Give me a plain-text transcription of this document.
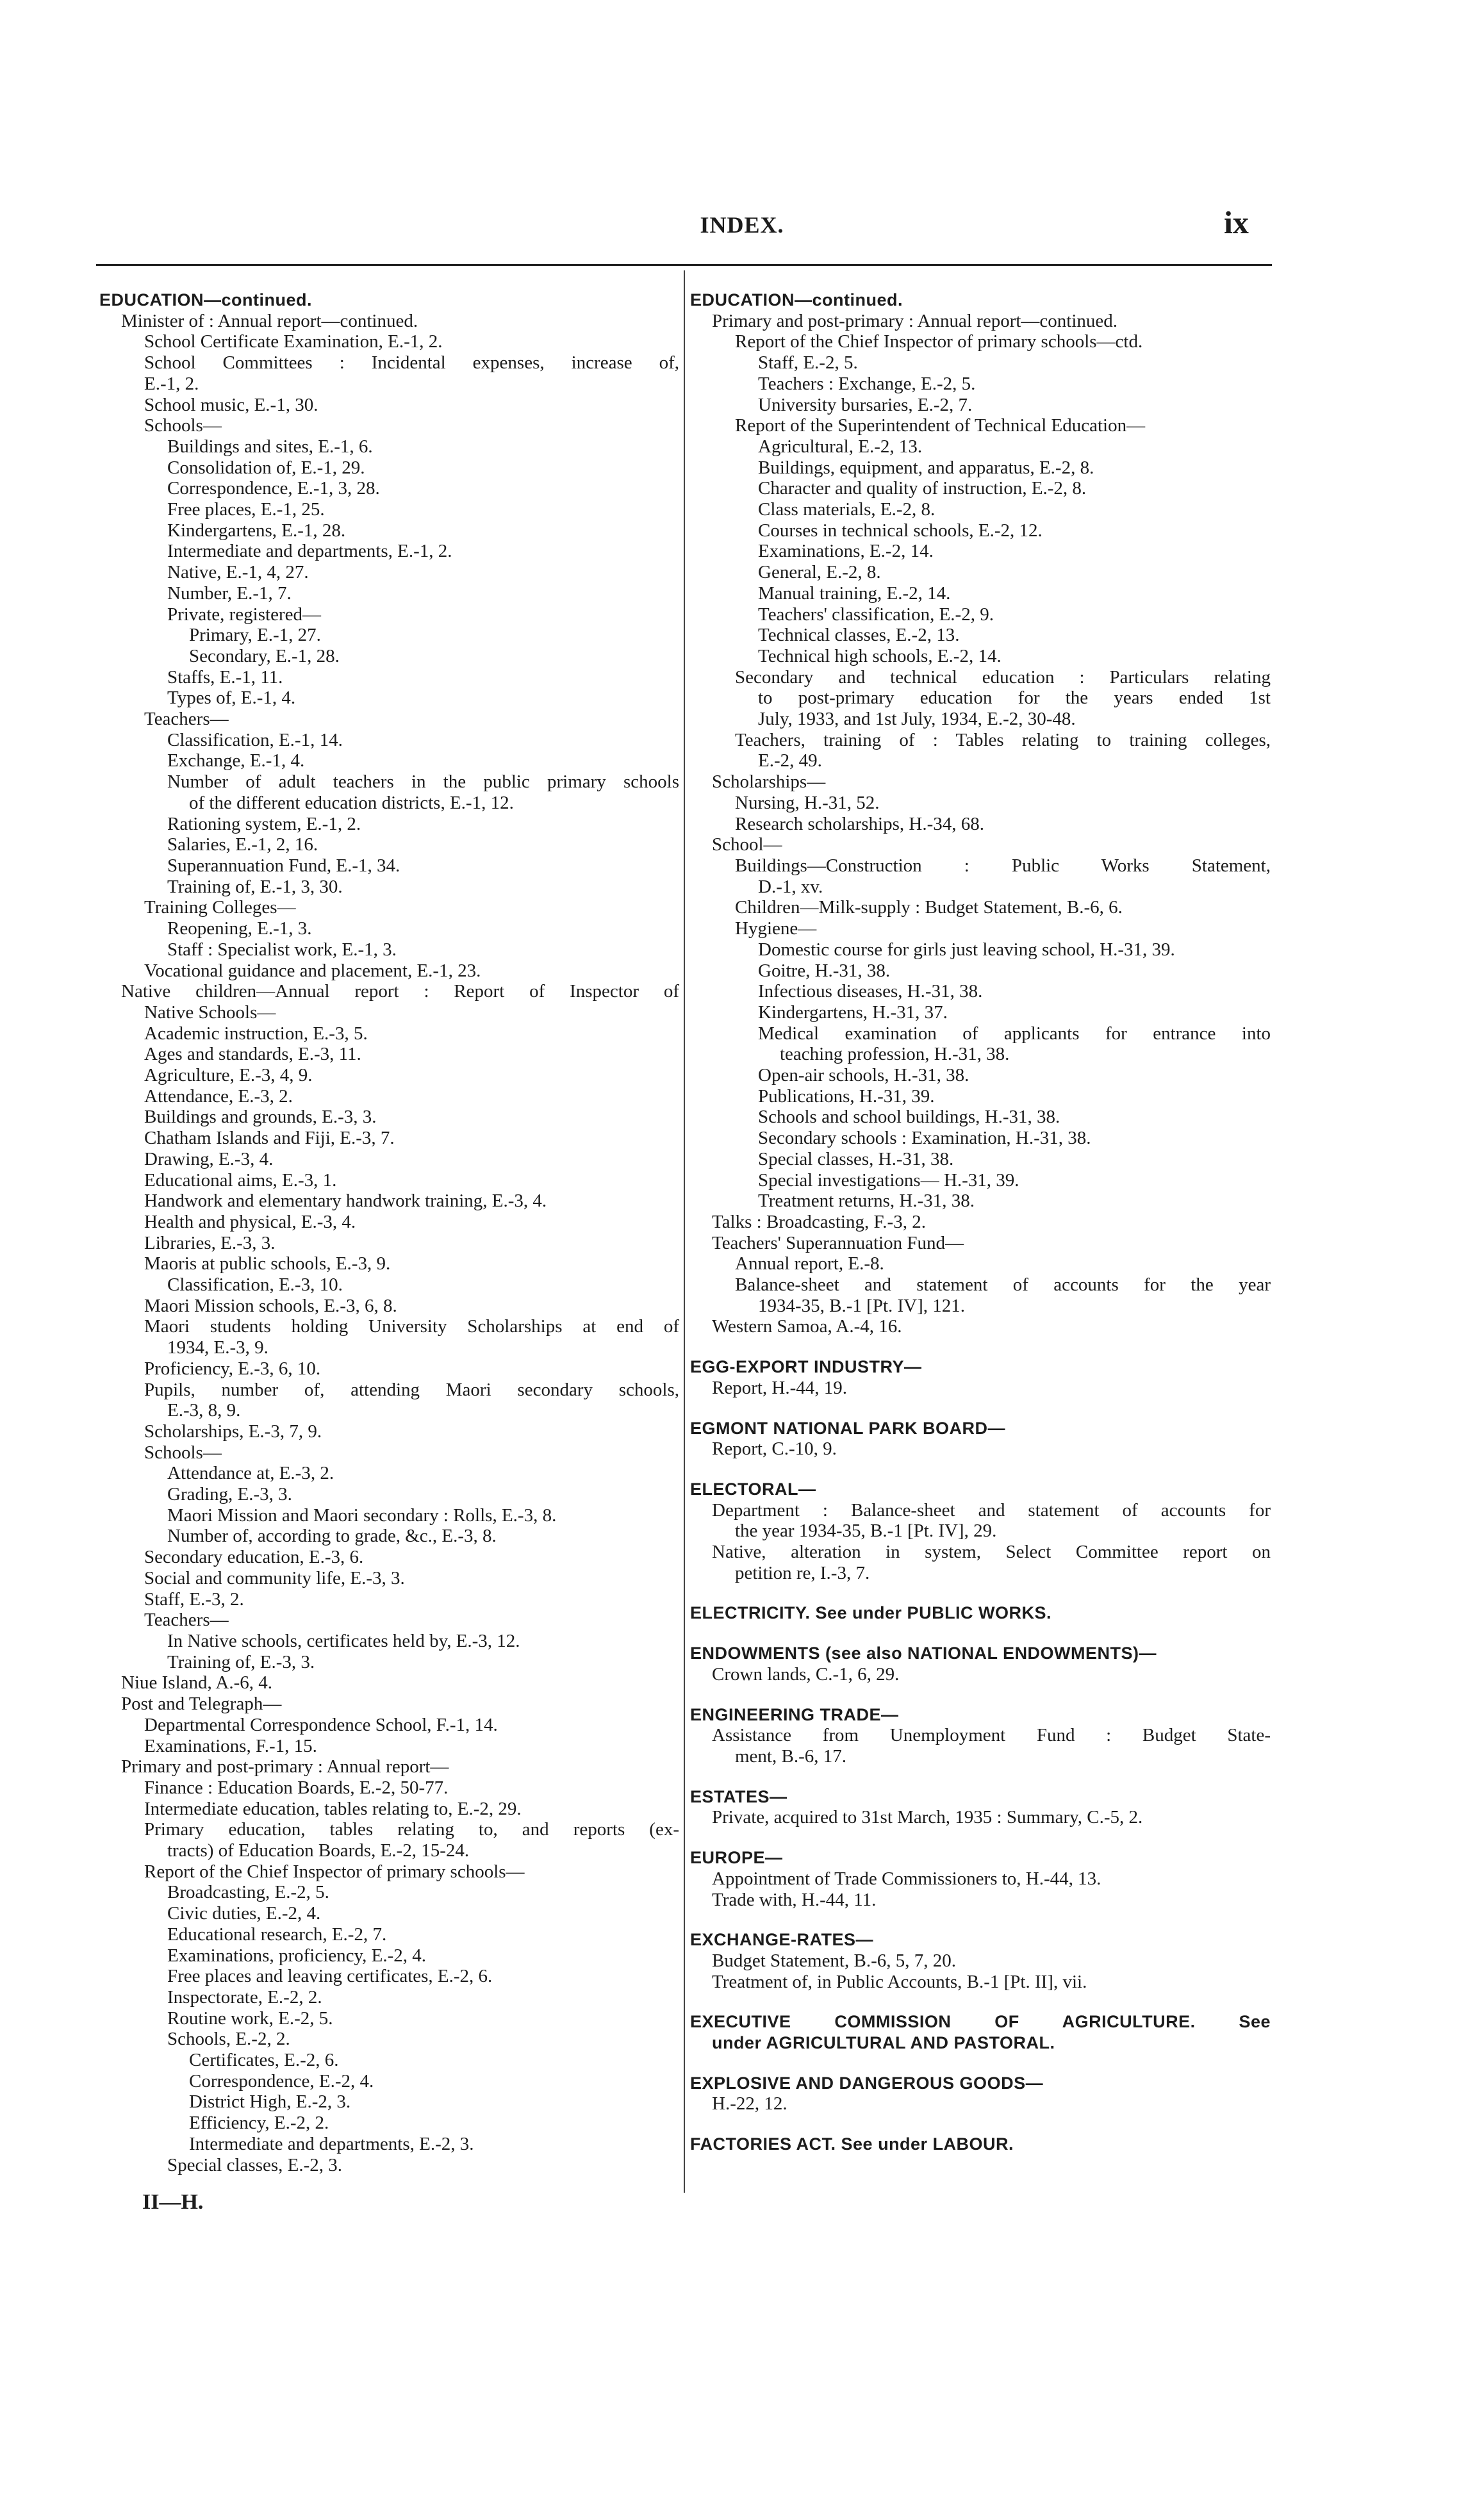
INDEX.	ix
EDUCATION—continued.
Minister of : Annual report—continued.
School Certificate Examination, E.-1, 2.
School Committees : Incidental expenses, increase of,
E.-1, 2.
School music, E.-1, 30.
Schools—
Buildings and sites, E.-1, 6.
Consolidation of, E.-1, 29.
Correspondence, E.-1, 3, 28.
Free places, E.-1, 25.
Kindergartens, E.-1, 28.
Intermediate and departments, E.-1, 2.
Native, E.-1, 4, 27.
Number, E.-1, 7.
Private, registered—
Primary, E.-1, 27.
Secondary, E.-1, 28.
Staffs, E.-1, 11.
Types of, E.-1, 4.
Teachers—
Classification, E.-1, 14.
Exchange, E.-1, 4.
Number of adult teachers in the public primary schools
of the different education districts, E.-1, 12.
Rationing system, E.-1, 2.
Salaries, E.-1, 2, 16.
Superannuation Fund, E.-1, 34.
Training of, E.-1, 3, 30.
Training Colleges—
Reopening, E.-1, 3.
Staff : Specialist work, E.-1, 3.
Vocational guidance and placement, E.-1, 23.
Native children—Annual report : Report of Inspector of
Native Schools—
Academic instruction, E.-3, 5.
Ages and standards, E.-3, 11.
Agriculture, E.-3, 4, 9.
Attendance, E.-3, 2.
Buildings and grounds, E.-3, 3.
Chatham Islands and Fiji, E.-3, 7.
Drawing, E.-3, 4.
Educational aims, E.-3, 1.
Handwork and elementary handwork training, E.-3, 4.
Health and physical, E.-3, 4.
Libraries, E.-3, 3.
Maoris at public schools, E.-3, 9.
Classification, E.-3, 10.
Maori Mission schools, E.-3, 6, 8.
Maori students holding University Scholarships at end of
1934, E.-3, 9.
Proficiency, E.-3, 6, 10.
Pupils, number of, attending Maori secondary schools,
E.-3, 8, 9.
Scholarships, E.-3, 7, 9.
Schools—
Attendance at, E.-3, 2.
Grading, E.-3, 3.
Maori Mission and Maori secondary : Rolls, E.-3, 8.
Number of, according to grade, &c., E.-3, 8.
Secondary education, E.-3, 6.
Social and community life, E.-3, 3.
Staff, E.-3, 2.
Teachers—
In Native schools, certificates held by, E.-3, 12.
Training of, E.-3, 3.
Niue Island, A.-6, 4.
Post and Telegraph—
Departmental Correspondence School, F.-1, 14.
Examinations, F.-1, 15.
Primary and post-primary : Annual report—
Finance : Education Boards, E.-2, 50-77.
Intermediate education, tables relating to, E.-2, 29.
Primary education, tables relating to, and reports (ex-
tracts) of Education Boards, E.-2, 15-24.
Report of the Chief Inspector of primary schools—
Broadcasting, E.-2, 5.
Civic duties, E.-2, 4.
Educational research, E.-2, 7.
Examinations, proficiency, E.-2, 4.
Free places and leaving certificates, E.-2, 6.
Inspectorate, E.-2, 2.
Routine work, E.-2, 5.
Schools, E.-2, 2.
Certificates, E.-2, 6.
Correspondence, E.-2, 4.
District High, E.-2, 3.
Efficiency, E.-2, 2.
Intermediate and departments, E.-2, 3.
Special classes, E.-2, 3.
EDUCATION—continued.
Primary and post-primary : Annual report—continued.
Report of the Chief Inspector of primary schools—ctd.
Staff, E.-2, 5.
Teachers : Exchange, E.-2, 5.
University bursaries, E.-2, 7.
Report of the Superintendent of Technical Education—
Agricultural, E.-2, 13.
Buildings, equipment, and apparatus, E.-2, 8.
Character and quality of instruction, E.-2, 8.
Class materials, E.-2, 8.
Courses in technical schools, E.-2, 12.
Examinations, E.-2, 14.
General, E.-2, 8.
Manual training, E.-2, 14.
Teachers' classification, E.-2, 9.
Technical classes, E.-2, 13.
Technical high schools, E.-2, 14.
Secondary and technical education : Particulars relating
to post-primary education for the years ended 1st
July, 1933, and 1st July, 1934, E.-2, 30-48.
Teachers, training of : Tables relating to training colleges,
E.-2, 49.
Scholarships—
Nursing, H.-31, 52.
Research scholarships, H.-34, 68.
School—
Buildings—Construction : Public Works Statement,
D.-1, xv.
Children—Milk-supply : Budget Statement, B.-6, 6.
Hygiene—
Domestic course for girls just leaving school, H.-31, 39.
Goitre, H.-31, 38.
Infectious diseases, H.-31, 38.
Kindergartens, H.-31, 37.
Medical examination of applicants for entrance into
teaching profession, H.-31, 38.
Open-air schools, H.-31, 38.
Publications, H.-31, 39.
Schools and school buildings, H.-31, 38.
Secondary schools : Examination, H.-31, 38.
Special classes, H.-31, 38.
Special investigations— H.-31, 39.
Treatment returns, H.-31, 38.
Talks : Broadcasting, F.-3, 2.
Teachers' Superannuation Fund—
Annual report, E.-8.
Balance-sheet and statement of accounts for the year
1934-35, B.-1 [Pt. IV], 121.
Western Samoa, A.-4, 16.
EGG-EXPORT INDUSTRY—
Report, H.-44, 19.
EGMONT NATIONAL PARK BOARD—
Report, C.-10, 9.
ELECTORAL—
Department : Balance-sheet and statement of accounts for
the year 1934-35, B.-1 [Pt. IV], 29.
Native, alteration in system, Select Committee report on
petition re, I.-3, 7.
ELECTRICITY. See under PUBLIC WORKS.
ENDOWMENTS (see also NATIONAL ENDOWMENTS)—
Crown lands, C.-1, 6, 29.
ENGINEERING TRADE—
Assistance from Unemployment Fund : Budget State-
ment, B.-6, 17.
ESTATES—
Private, acquired to 31st March, 1935 : Summary, C.-5, 2.
EUROPE—
Appointment of Trade Commissioners to, H.-44, 13.
Trade with, H.-44, 11.
EXCHANGE-RATES—
Budget Statement, B.-6, 5, 7, 20.
Treatment of, in Public Accounts, B.-1 [Pt. II], vii.
EXECUTIVE COMMISSION OF AGRICULTURE. See
under AGRICULTURAL AND PASTORAL.
EXPLOSIVE AND DANGEROUS GOODS—
H.-22, 12.
FACTORIES ACT. See under LABOUR.
II—H.
